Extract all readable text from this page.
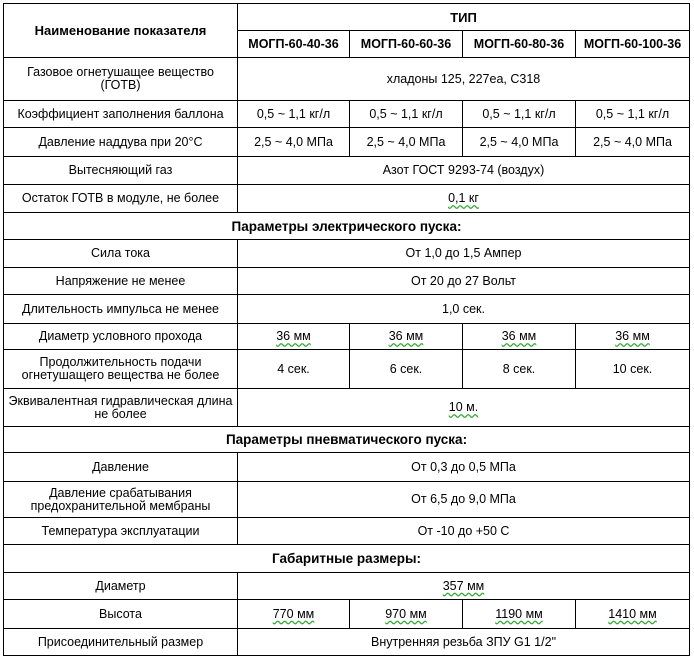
Наименование показателя	ТИП			
	МОГП-60-40-36	МОГП-60-60-36	МОГП-60-80-36	МОГП-60-100-36
Газовое огнетушащее вещество (ГОТВ)	хладоны 125, 227ea, C318			
Коэффициент заполнения баллона	0,5 ~ 1,1 кг/л	0,5 ~ 1,1 кг/л	0,5 ~ 1,1 кг/л	0,5 ~ 1,1 кг/л
Давление наддува при 20°С	2,5 ~ 4,0 МПа	2,5 ~ 4,0 МПа	2,5 ~ 4,0 МПа	2,5 ~ 4,0 МПа
Вытесняющий газ	Азот ГОСТ 9293-74 (воздух)			
Остаток ГОТВ в модуле, не более	0,1 кг			
Параметры электрического пуска:				
Сила тока	От 1,0 до 1,5 Ампер			
Напряжение не менее	От 20 до 27 Вольт			
Длительность импульса не менее	1,0 сек.			
Диаметр условного прохода	36 мм	36 мм	36 мм	36 мм
Продолжительность подачи огнетушащего вещества не более	4 сек.	6 сек.	8 сек.	10 сек.
Эквивалентная гидравлическая длина не более	10 м.			
Параметры пневматического пуска:				
Давление	От 0,3 до 0,5 МПа			
Давление срабатывания предохранительной мембраны	От 6,5 до 9,0 МПа			
Температура эксплуатации	От -10 до +50 С			
Габаритные размеры:				
Диаметр	357 мм			
Высота	770 мм	970 мм	1190 мм	1410 мм
Присоединительный размер	Внутренняя резьба ЗПУ G1 1/2"			
